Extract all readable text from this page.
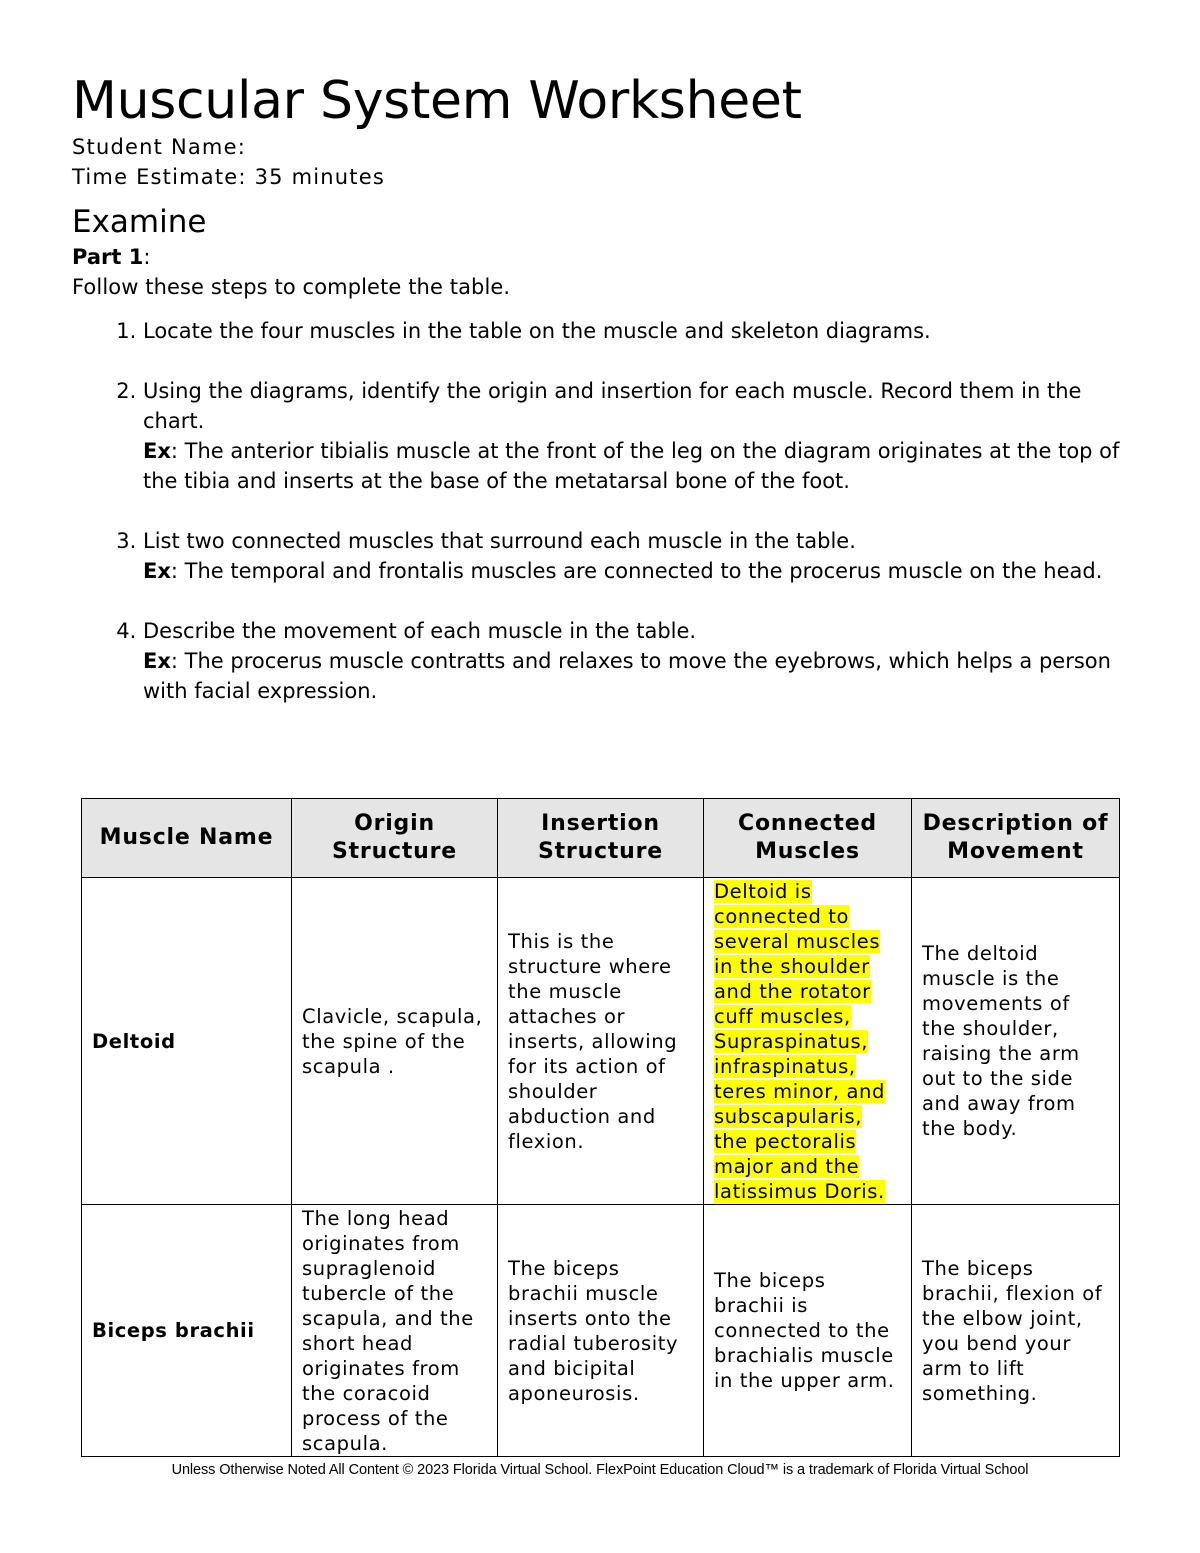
Muscular System Worksheet
Student Name:
Time Estimate: 35 minutes
Examine
Part 1:
Follow these steps to complete the table.
1. Locate the four muscles in the table on the muscle and skeleton diagrams.
2. Using the diagrams, identify the origin and insertion for each muscle. Record them in the chart.
Ex: The anterior tibialis muscle at the front of the leg on the diagram originates at the top of the tibia and inserts at the base of the metatarsal bone of the foot.
3. List two connected muscles that surround each muscle in the table.
Ex: The temporal and frontalis muscles are connected to the procerus muscle on the head.
4. Describe the movement of each muscle in the table.
Ex: The procerus muscle contratts and relaxes to move the eyebrows, which helps a person with facial expression.
Muscle Name	Origin Structure	Insertion Structure	Connected Muscles	Description of Movement
Deltoid	Clavicle, scapula, the spine of the scapula .	This is the structure where the muscle attaches or inserts, allowing for its action of shoulder abduction and flexion.	Deltoid is connected to several muscles in the shoulder and the rotator cuff muscles, Supraspinatus, infraspinatus, teres minor, and subscapularis, the pectoralis major and the latissimus Doris.	The deltoid muscle is the movements of the shoulder, raising the arm out to the side and away from the body.
Biceps brachii	The long head originates from supraglenoid tubercle of the scapula, and the short head originates from the coracoid process of the scapula.	The biceps brachii muscle inserts onto the radial tuberosity and bicipital aponeurosis.	The biceps brachii is connected to the brachialis muscle in the upper arm.	The biceps brachii, flexion of the elbow joint, you bend your arm to lift something.
Unless Otherwise Noted All Content © 2023 Florida Virtual School. FlexPoint Education Cloud™ is a trademark of Florida Virtual School
